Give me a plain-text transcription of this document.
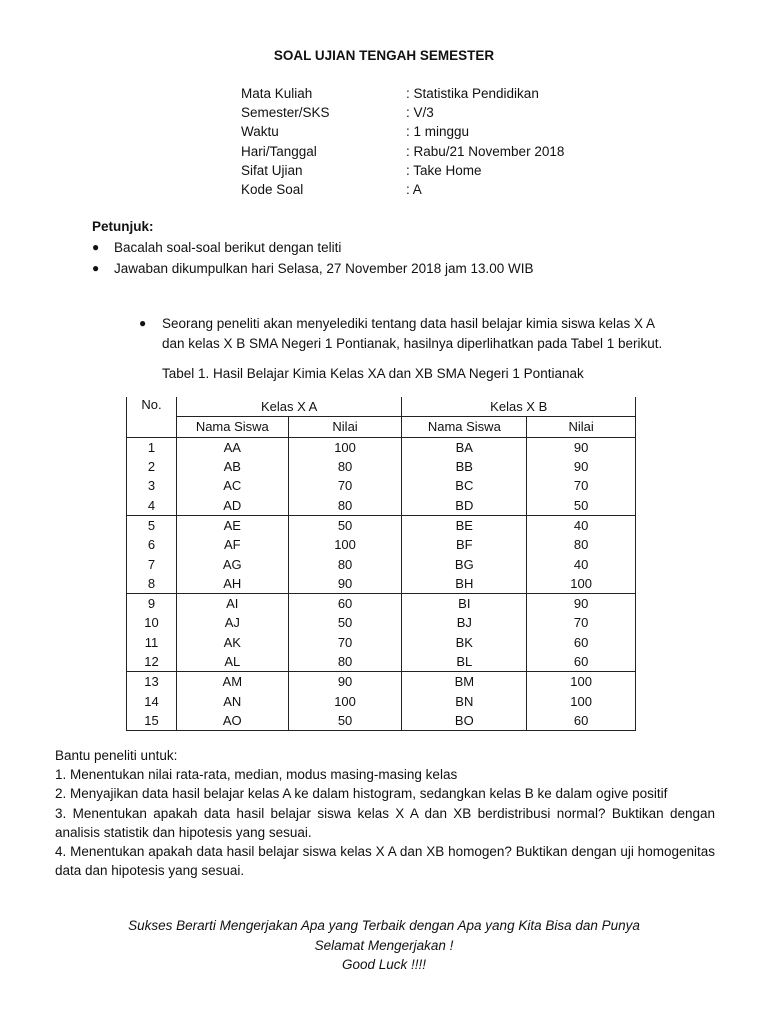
SOAL UJIAN TENGAH SEMESTER
Mata Kuliah	: Statistika Pendidikan
Semester/SKS	: V/3
Waktu	: 1 minggu
Hari/Tanggal	: Rabu/21 November 2018
Sifat Ujian	: Take Home
Kode Soal	: A
Petunjuk:
● Bacalah soal-soal berikut dengan teliti
● Jawaban dikumpulkan hari Selasa, 27 November 2018 jam 13.00 WIB
● Seorang peneliti akan menyelediki tentang data hasil belajar kimia siswa kelas X A dan kelas X B SMA Negeri 1 Pontianak, hasilnya diperlihatkan pada Tabel 1 berikut.
Tabel 1. Hasil Belajar Kimia Kelas XA dan XB SMA Negeri 1 Pontianak
No.	Kelas X A		Kelas X B	
	Nama Siswa	Nilai	Nama Siswa	Nilai
1	AA	100	BA	90
2	AB	80	BB	90
3	AC	70	BC	70
4	AD	80	BD	50
5	AE	50	BE	40
6	AF	100	BF	80
7	AG	80	BG	40
8	AH	90	BH	100
9	AI	60	BI	90
10	AJ	50	BJ	70
11	AK	70	BK	60
12	AL	80	BL	60
13	AM	90	BM	100
14	AN	100	BN	100
15	AO	50	BO	60
Bantu peneliti untuk:
1. Menentukan nilai rata-rata, median, modus masing-masing kelas
2. Menyajikan data hasil belajar kelas A ke dalam histogram, sedangkan kelas B ke dalam ogive positif
3. Menentukan apakah data hasil belajar siswa kelas X A dan XB berdistribusi normal? Buktikan dengan analisis statistik dan hipotesis yang sesuai.
4. Menentukan apakah data hasil belajar siswa kelas X A dan XB homogen? Buktikan dengan uji homogenitas data dan hipotesis yang sesuai.
Sukses Berarti Mengerjakan Apa yang Terbaik dengan Apa yang Kita Bisa dan Punya
Selamat Mengerjakan !
Good Luck !!!!
